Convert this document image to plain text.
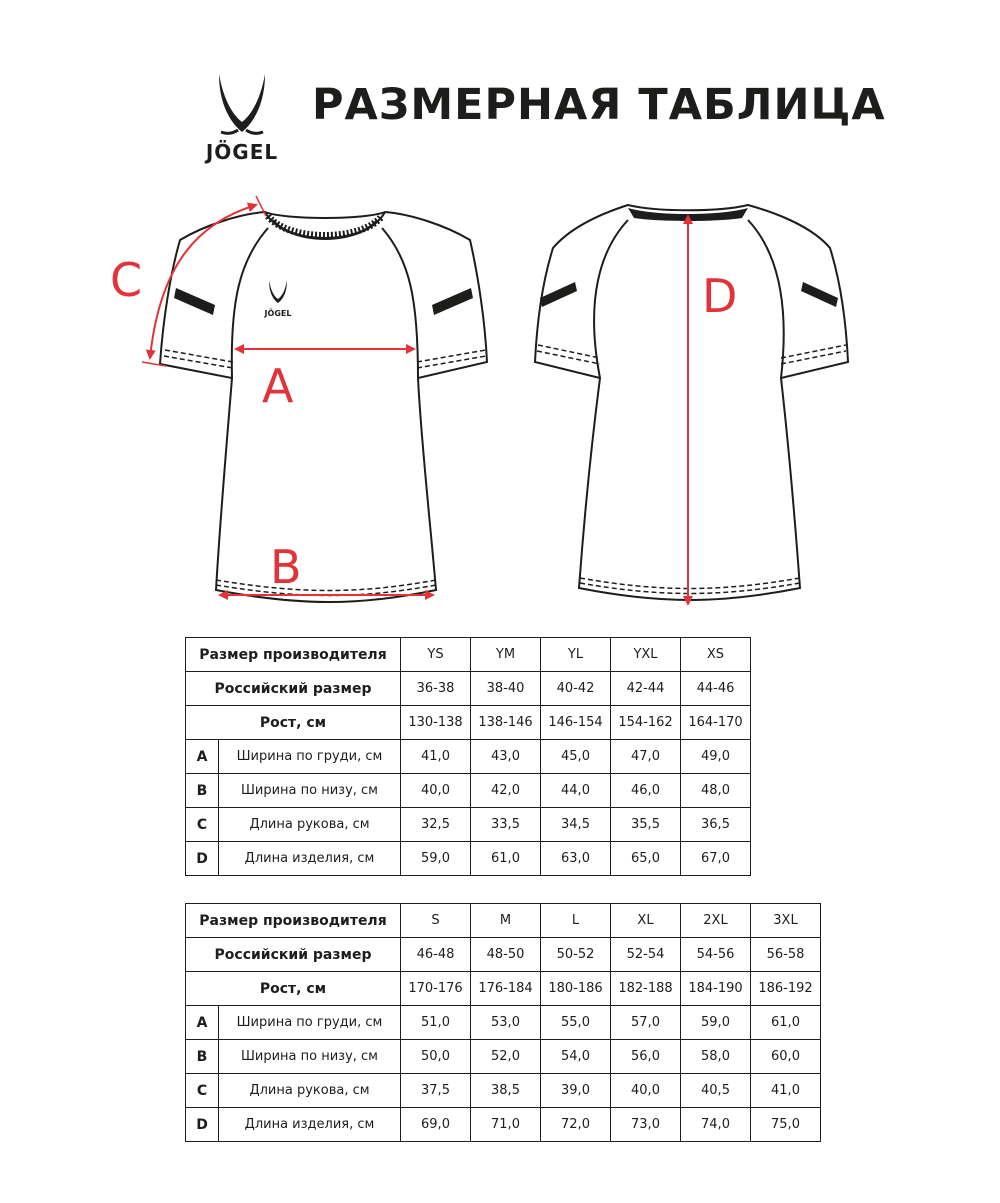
JÖGEL
РАЗМЕРНАЯ ТАБЛИЦА
JÖGEL
A
B
C	D
Размер производителя		YS	YM	YL	YXL	XS
Российский размер		36-38	38-40	40-42	42-44	44-46
Рост, см		130-138	138-146	146-154	154-162	164-170
A	Ширина по груди, см	41,0	43,0	45,0	47,0	49,0
B	Ширина по низу, см	40,0	42,0	44,0	46,0	48,0
C	Длина рукова, см	32,5	33,5	34,5	35,5	36,5
D	Длина изделия, см	59,0	61,0	63,0	65,0	67,0
Размер производителя		S	M	L	XL	2XL	3XL
Российский размер		46-48	48-50	50-52	52-54	54-56	56-58
Рост, см		170-176	176-184	180-186	182-188	184-190	186-192
A	Ширина по груди, см	51,0	53,0	55,0	57,0	59,0	61,0
B	Ширина по низу, см	50,0	52,0	54,0	56,0	58,0	60,0
C	Длина рукова, см	37,5	38,5	39,0	40,0	40,5	41,0
D	Длина изделия, см	69,0	71,0	72,0	73,0	74,0	75,0
